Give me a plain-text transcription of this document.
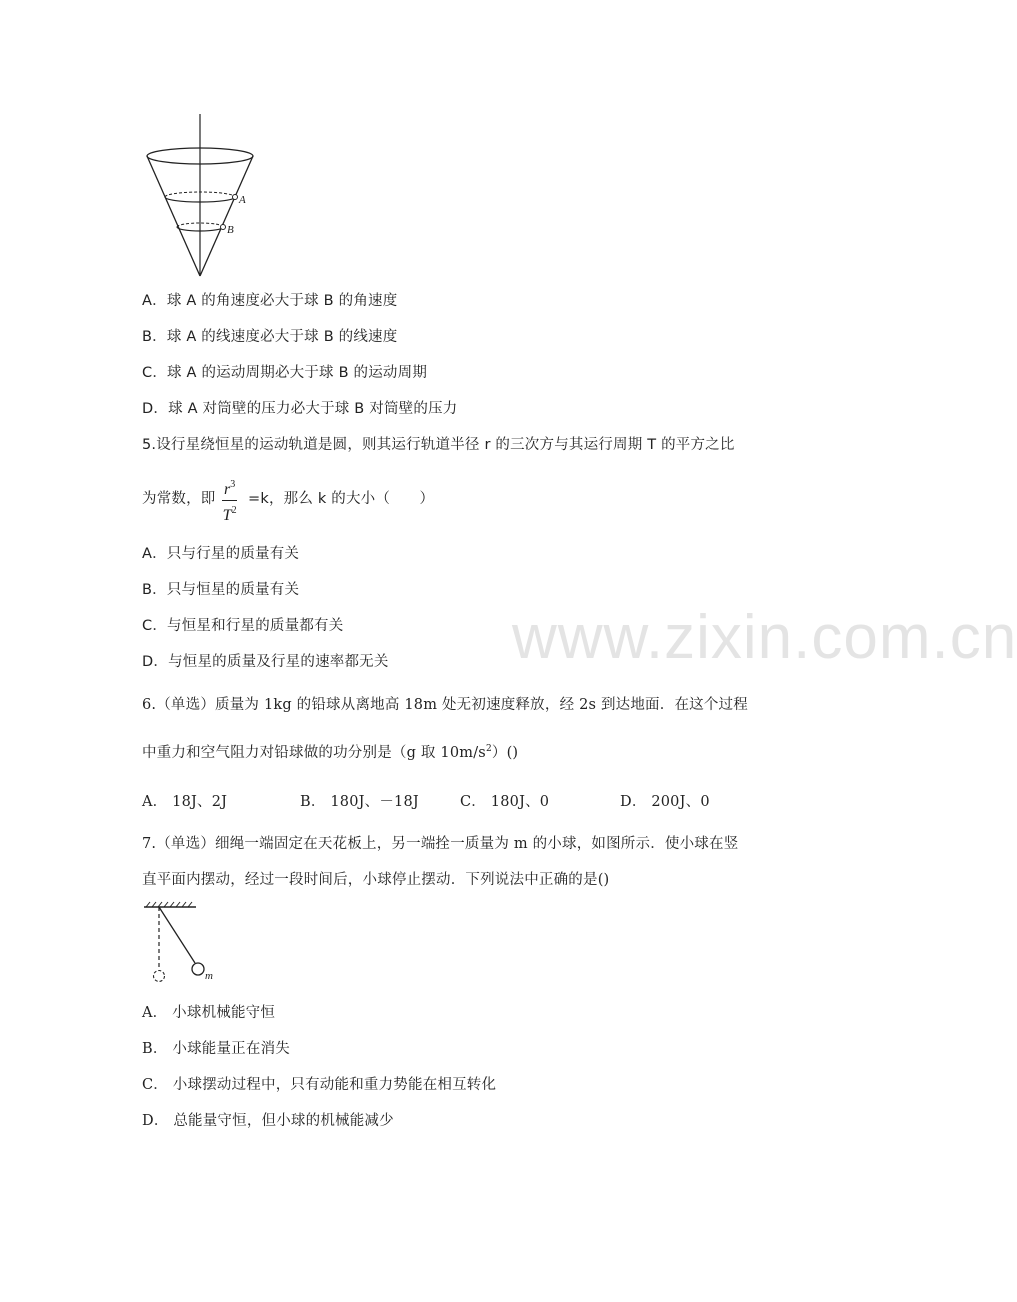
www.zixin.com.cn
A
B
A．球 A 的角速度必大于球 B 的角速度
B．球 A 的线速度必大于球 B 的线速度
C．球 A 的运动周期必大于球 B 的运动周期
D．球 A 对筒壁的压力必大于球 B 对筒壁的压力
5.设行星绕恒星的运动轨道是圆，则其运行轨道半径 r 的三次方与其运行周期 T 的平方之比
为常数，即 $\frac{r^3}{T^2} =k$，那么 k 的大小（　　）
A．只与行星的质量有关
B．只与恒星的质量有关
C．与恒星和行星的质量都有关
D．与恒星的质量及行星的速率都无关
6.（单选）质量为 1kg 的铅球从离地高 18m 处无初速度释放，经 2s 到达地面．在这个过程
中重力和空气阻力对铅球做的功分别是（g 取 $10m/s^2)()$
A． 18J、2J	B． 180J、－18J	C． 180J、0	D． 200J、0
7.（单选）细绳一端固定在天花板上，另一端拴一质量为 m 的小球，如图所示．使小球在竖
直平面内摆动，经过一段时间后，小球停止摆动．下列说法中正确的是()
m
A． 小球机械能守恒
B． 小球能量正在消失
C． 小球摆动过程中，只有动能和重力势能在相互转化
D． 总能量守恒，但小球的机械能减少
